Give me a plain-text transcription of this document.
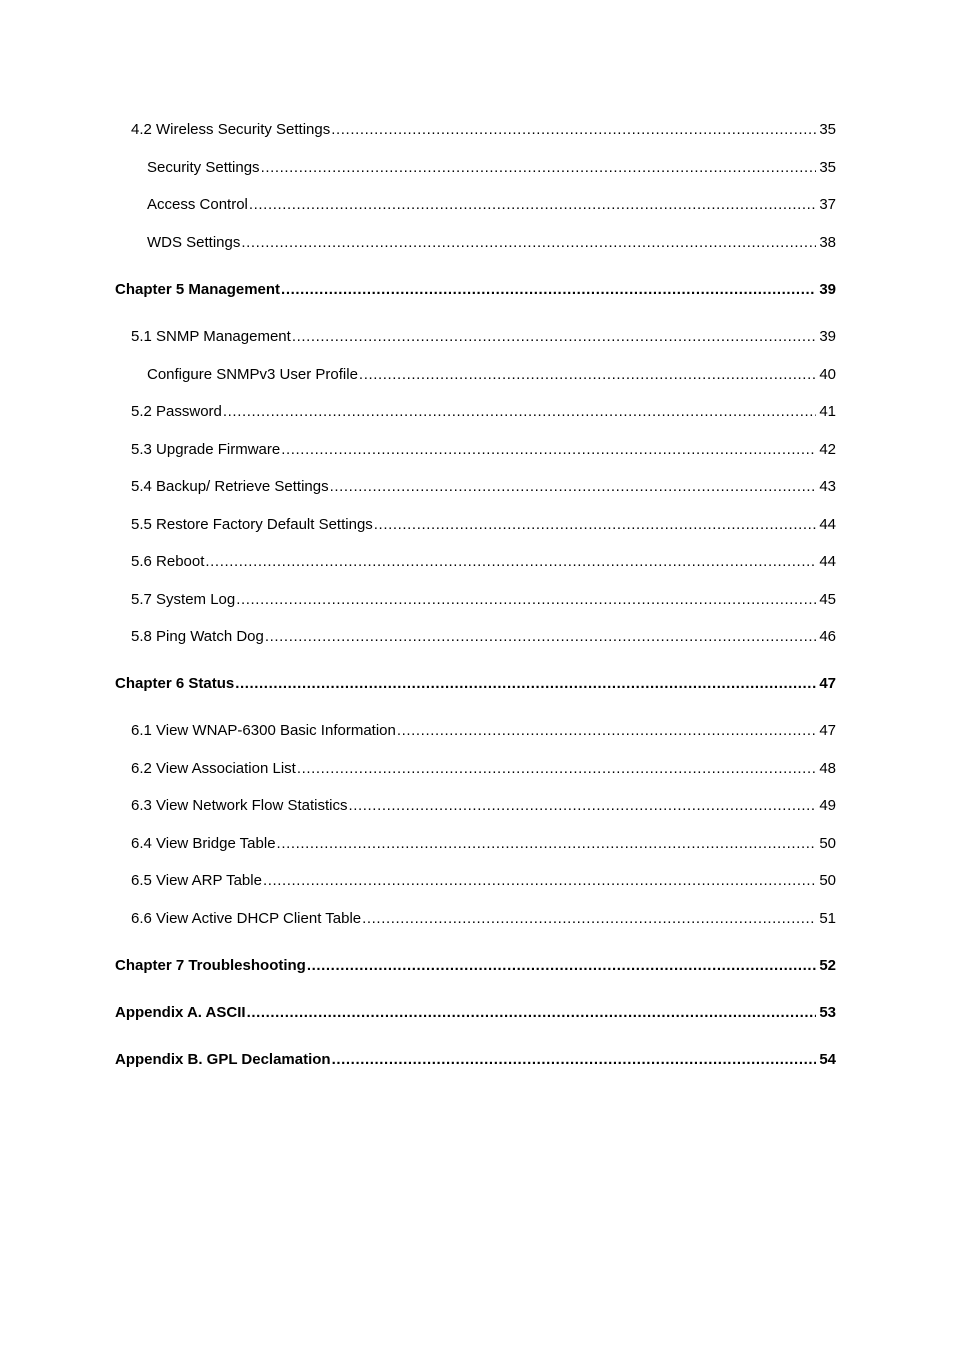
4.2 Wireless Security Settings .....	35
Security Settings .....	35
Access Control .....	37
WDS Settings .....	38
Chapter 5 Management .....	39
5.1 SNMP Management .....	39
Configure SNMPv3 User Profile .....	40
5.2 Password .....	41
5.3 Upgrade Firmware .....	42
5.4 Backup/ Retrieve Settings .....	43
5.5 Restore Factory Default Settings .....	44
5.6 Reboot .....	44
5.7 System Log .....	45
5.8 Ping Watch Dog .....	46
Chapter 6 Status .....	47
6.1 View WNAP-6300 Basic Information .....	47
6.2 View Association List .....	48
6.3 View Network Flow Statistics .....	49
6.4 View Bridge Table .....	50
6.5 View ARP Table .....	50
6.6 View Active DHCP Client Table .....	51
Chapter 7 Troubleshooting .....	52
Appendix A. ASCII .....	53
Appendix B. GPL Declamation .....	54
